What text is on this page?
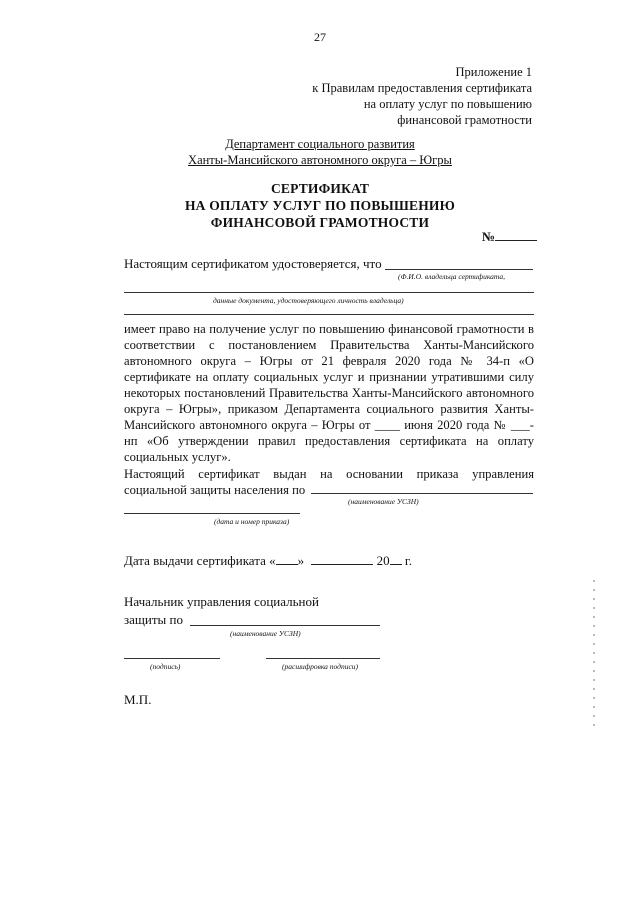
27
Приложение 1
к Правилам предоставления сертификата
на оплату услуг по повышению
финансовой грамотности
Департамент социального развития
Ханты-Мансийского автономного округа – Югры
СЕРТИФИКАТ
НА ОПЛАТУ УСЛУГ ПО ПОВЫШЕНИЮ
ФИНАНСОВОЙ ГРАМОТНОСТИ
№
Настоящим сертификатом удостоверяется, что
(Ф.И.О. владельца сертификата,
данные документа, удостоверяющего личность владельца)
имеет право на получение услуг по повышению финансовой грамотности в соответствии с постановлением Правительства Ханты-Мансийского автономного округа – Югры от 21 февраля 2020 года № 34-п «О сертификате на оплату социальных услуг и признании утратившими силу некоторых постановлений Правительства Ханты-Мансийского автономного округа – Югры», приказом Департамента социального развития Ханты-Мансийского автономного округа – Югры от ____ июня 2020 года № ___-нп «Об утверждении правил предоставления сертификата на оплату социальных услуг».
Настоящий сертификат выдан на основании приказа управления социальной защиты населения по
(наименование УСЗН)
(дата и номер приказа)
Дата выдачи сертификата « »	20 г.
Начальник управления социальной
защиты по
(наименование УСЗН)
(подпись)	(расшифровка подписи)
М.П.
